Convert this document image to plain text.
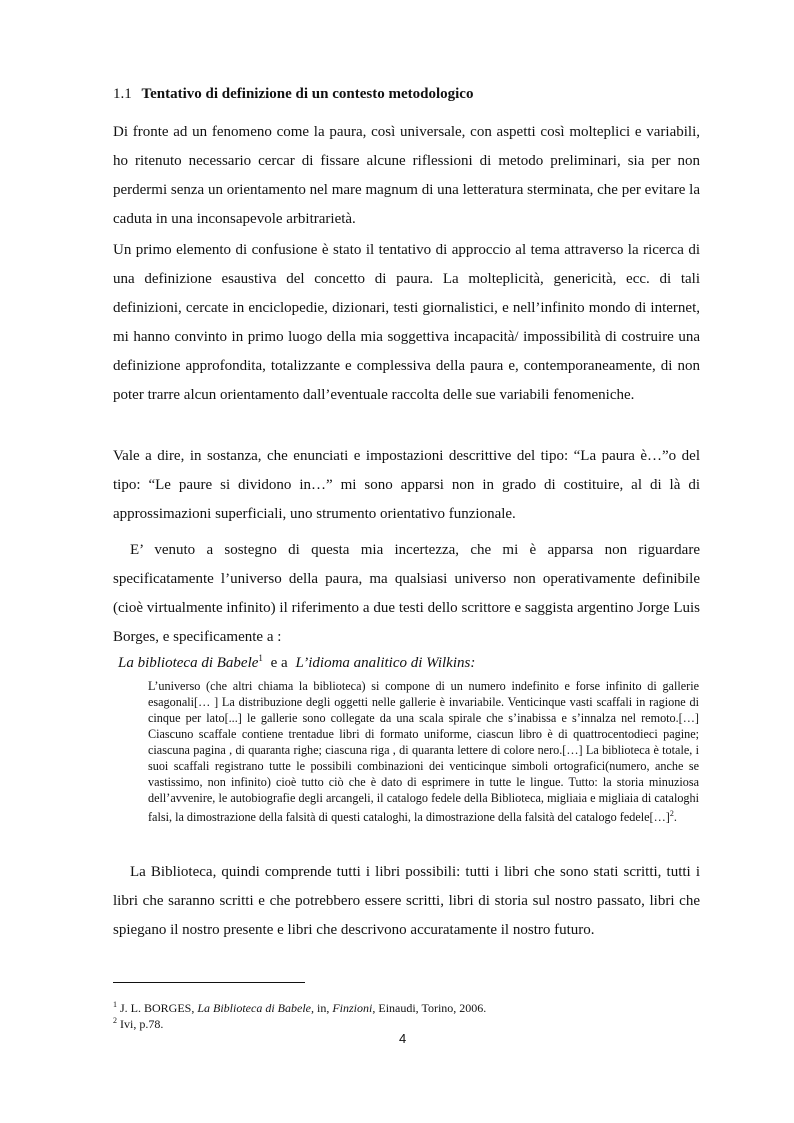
1.1 Tentativo di definizione di un contesto metodologico

Di fronte ad un fenomeno come la paura, così universale, con aspetti così molteplici e variabili, ho ritenuto necessario cercar di fissare alcune riflessioni di metodo preliminari, sia per non perdermi senza un orientamento nel mare magnum di una letteratura sterminata, che per evitare la caduta in una inconsapevole arbitrarietà.

Un primo elemento di confusione è stato il tentativo di approccio al tema attraverso la ricerca di una definizione esaustiva del concetto di paura. La molteplicità, genericità, ecc. di tali definizioni, cercate in enciclopedie, dizionari, testi giornalistici, e nell’infinito mondo di internet, mi hanno convinto in primo luogo della mia soggettiva incapacità/ impossibilità di costruire una definizione approfondita, totalizzante e complessiva della paura e, contemporaneamente, di non poter trarre alcun orientamento dall’eventuale raccolta delle sue variabili fenomeniche.

Vale a dire, in sostanza, che enunciati e impostazioni descrittive del tipo: “La paura è…”o del tipo: “Le paure si dividono in…” mi sono apparsi non in grado di costituire, al di là di approssimazioni superficiali, uno strumento orientativo funzionale.

E’ venuto a sostegno di questa mia incertezza, che mi è apparsa non riguardare specificatamente l’universo della paura, ma qualsiasi universo non operativamente definibile (cioè virtualmente infinito) il riferimento a due testi dello scrittore e saggista argentino Jorge Luis Borges, e specificamente a :

La biblioteca di Babele$^1$ e a L’idioma analitico di Wilkins:

L’universo (che altri chiama la biblioteca) si compone di un numero indefinito e forse infinito di gallerie esagonali[… ] La distribuzione degli oggetti nelle gallerie è invariabile. Venticinque vasti scaffali in ragione di cinque per lato[...] le gallerie sono collegate da una scala spirale che s’inabissa e s’innalza nel remoto.[…] Ciascuno scaffale contiene trentadue libri di formato uniforme, ciascun libro è di quattrocentodieci pagine; ciascuna pagina , di quaranta righe; ciascuna riga , di quaranta lettere di colore nero.[…] La biblioteca è totale, i suoi scaffali registrano tutte le possibili combinazioni dei venticinque simboli ortografici(numero, anche se vastissimo, non infinito) cioè tutto ciò che è dato di esprimere in tutte le lingue. Tutto: la storia minuziosa dell’avvenire, le autobiografie degli arcangeli, il catalogo fedele della Biblioteca, migliaia e migliaia di cataloghi falsi, la dimostrazione della falsità di questi cataloghi, la dimostrazione della falsità del catalogo fedele[…]$^2$.

La Biblioteca, quindi comprende tutti i libri possibili: tutti i libri che sono stati scritti, tutti i libri che saranno scritti e che potrebbero essere scritti, libri di storia sul nostro passato, libri che spiegano il nostro presente e libri che descrivono accuratamente il nostro futuro.

$^1$ J. L. BORGES, La Biblioteca di Babele, in, Finzioni, Einaudi, Torino, 2006.
$^2$ Ivi, p.78.
4
